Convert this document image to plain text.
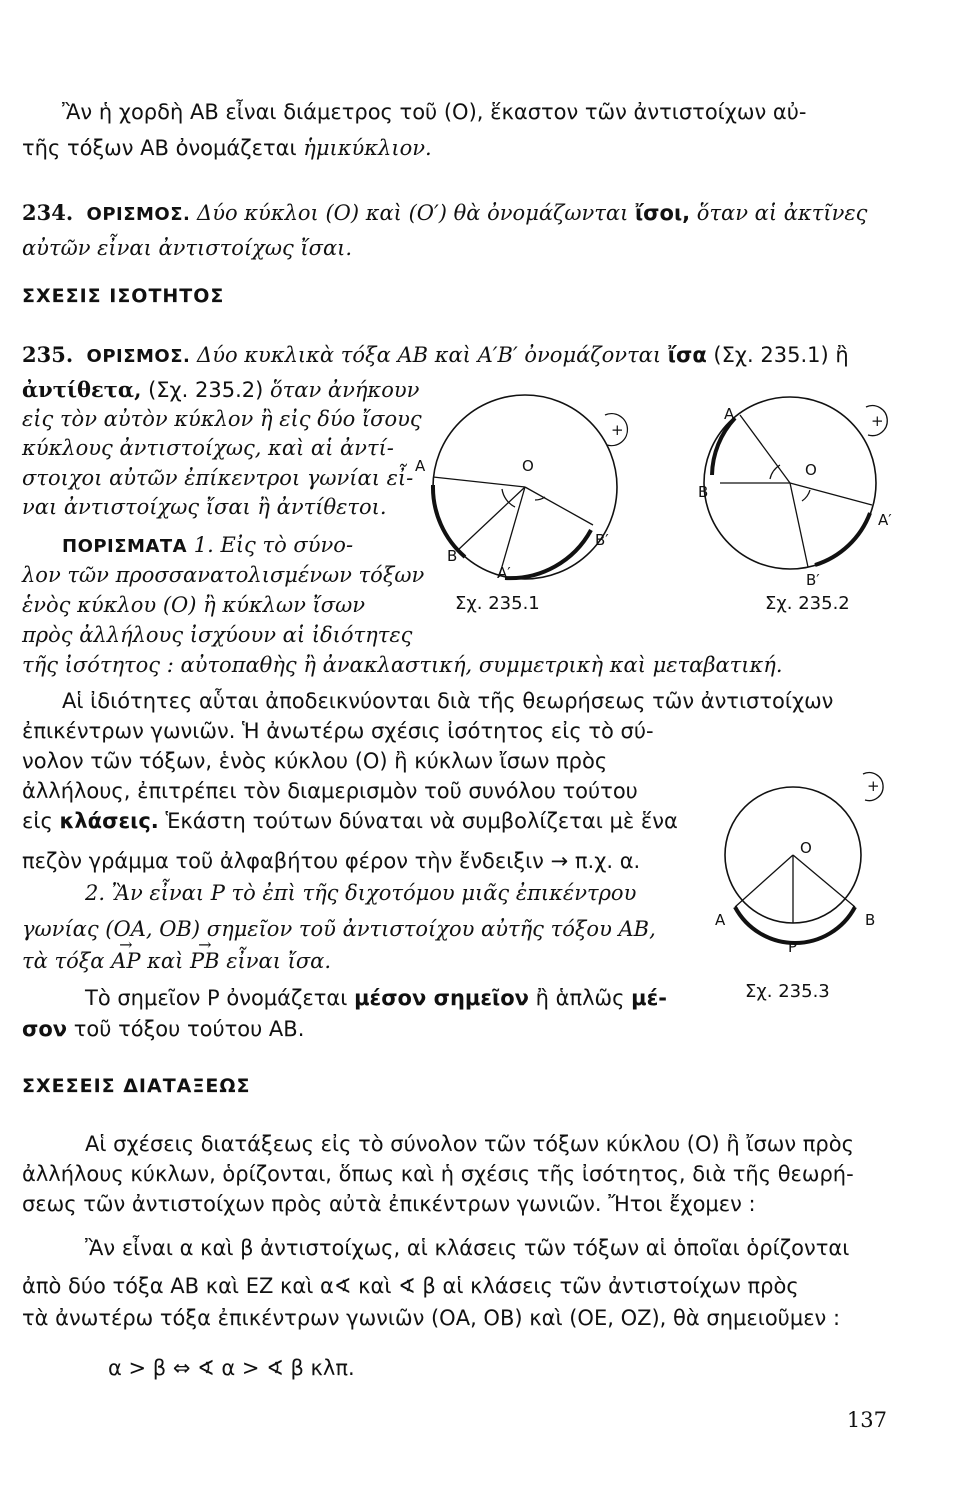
Ἂν ἡ χορδὴ ΑΒ εἶναι διάμετρος τοῦ (Ο), ἕκαστον τῶν ἀντιστοίχων αὐ-

τῆς τόξων ΑΒ ὀνομάζεται ἡμικύκλιον.

234. ΟΡΙΣΜΟΣ. Δύο κύκλοι (Ο) καὶ (Ο′) θὰ ὀνομάζωνται ἴσοι, ὅταν αἱ ἀκτῖνες

αὐτῶν εἶναι ἀντιστοίχως ἴσαι.

ΣΧΕΣΙΣ ΙΣΟΤΗΤΟΣ

235. ΟΡΙΣΜΟΣ. Δύο κυκλικὰ τόξα ΑΒ καὶ Α′Β′ ὀνομάζονται ἴσα (Σχ. 235.1) ἢ

ἀντίθετα, (Σχ. 235.2) ὅταν ἀνήκουν

εἰς τὸν αὐτὸν κύκλον ἢ εἰς δύο ἴσους

κύκλους ἀντιστοίχως, καὶ αἱ ἀντί-

στοιχοι αὐτῶν ἐπίκεντροι γωνίαι εἶ-

ναι ἀντιστοίχως ἴσαι ἢ ἀντίθετοι.

ΠΟΡΙΣΜΑΤΑ 1. Εἰς τὸ σύνο-

λον τῶν προσσανατολισμένων τόξων

ἑνὸς κύκλου (Ο) ἢ κύκλων ἴσων

πρὸς ἀλλήλους ἰσχύουν αἱ ἰδιότητες

τῆς ἰσότητος : αὐτοπαθὴς ἢ ἀνακλαστική, συμμετρικὴ καὶ μεταβατική.

+
Α	Ο
Β
Β′
Α′
Σχ. 235.1
+
Α
Ο
Β
Α′
Β′
Σχ. 235.2

Αἱ ἰδιότητες αὗται ἀποδεικνύονται διὰ τῆς θεωρήσεως τῶν ἀντιστοίχων

ἐπικέντρων γωνιῶν. Ἡ ἀνωτέρω σχέσις ἰσότητος εἰς τὸ σύ-

νολον τῶν τόξων, ἑνὸς κύκλου (Ο) ἢ κύκλων ἴσων πρὸς

ἀλλήλους, ἐπιτρέπει τὸν διαμερισμὸν τοῦ συνόλου τούτου

εἰς κλάσεις. Ἑκάστη τούτων δύναται νὰ συμβολίζεται μὲ ἕνα

πεζὸν γράμμα τοῦ ἀλφαβήτου φέρον τὴν ἔνδειξιν → π.χ. α.

+
Ο
Α	Β
Ρ
Σχ. 235.3

2. Ἂν εἶναι Ρ τὸ ἐπὶ τῆς διχοτόμου μιᾶς ἐπικέντρου

γωνίας (ΟΑ, ΟΒ) σημεῖον τοῦ ἀντιστοίχου αὐτῆς τόξου ΑΒ,

τὰ τόξα → ΑΡ καὶ → ΡΒ εἶναι ἴσα.

Τὸ σημεῖον Ρ ὀνομάζεται μέσον σημεῖον ἢ ἁπλῶς μέ-

σον τοῦ τόξου τούτου ΑΒ.

ΣΧΕΣΕΙΣ ΔΙΑΤΑΞΕΩΣ

Αἱ σχέσεις διατάξεως εἰς τὸ σύνολον τῶν τόξων κύκλου (Ο) ἢ ἴσων πρὸς

ἀλλήλους κύκλων, ὁρίζονται, ὅπως καὶ ἡ σχέσις τῆς ἰσότητος, διὰ τῆς θεωρή-

σεως τῶν ἀντιστοίχων πρὸς αὐτὰ ἐπικέντρων γωνιῶν. Ἤτοι ἔχομεν :

Ἂν εἶναι α καὶ β ἀντιστοίχως, αἱ κλάσεις τῶν τόξων αἱ ὁποῖαι ὁρίζονται

ἀπὸ δύο τόξα ΑΒ καὶ ΕΖ καὶ α∢ καὶ ∢ β αἱ κλάσεις τῶν ἀντιστοίχων πρὸς

τὰ ἀνωτέρω τόξα ἐπικέντρων γωνιῶν (ΟΑ, ΟΒ) καὶ (ΟΕ, ΟΖ), θὰ σημειοῦμεν :

α > β ⇔ ∢ α > ∢ β κλπ.

137
